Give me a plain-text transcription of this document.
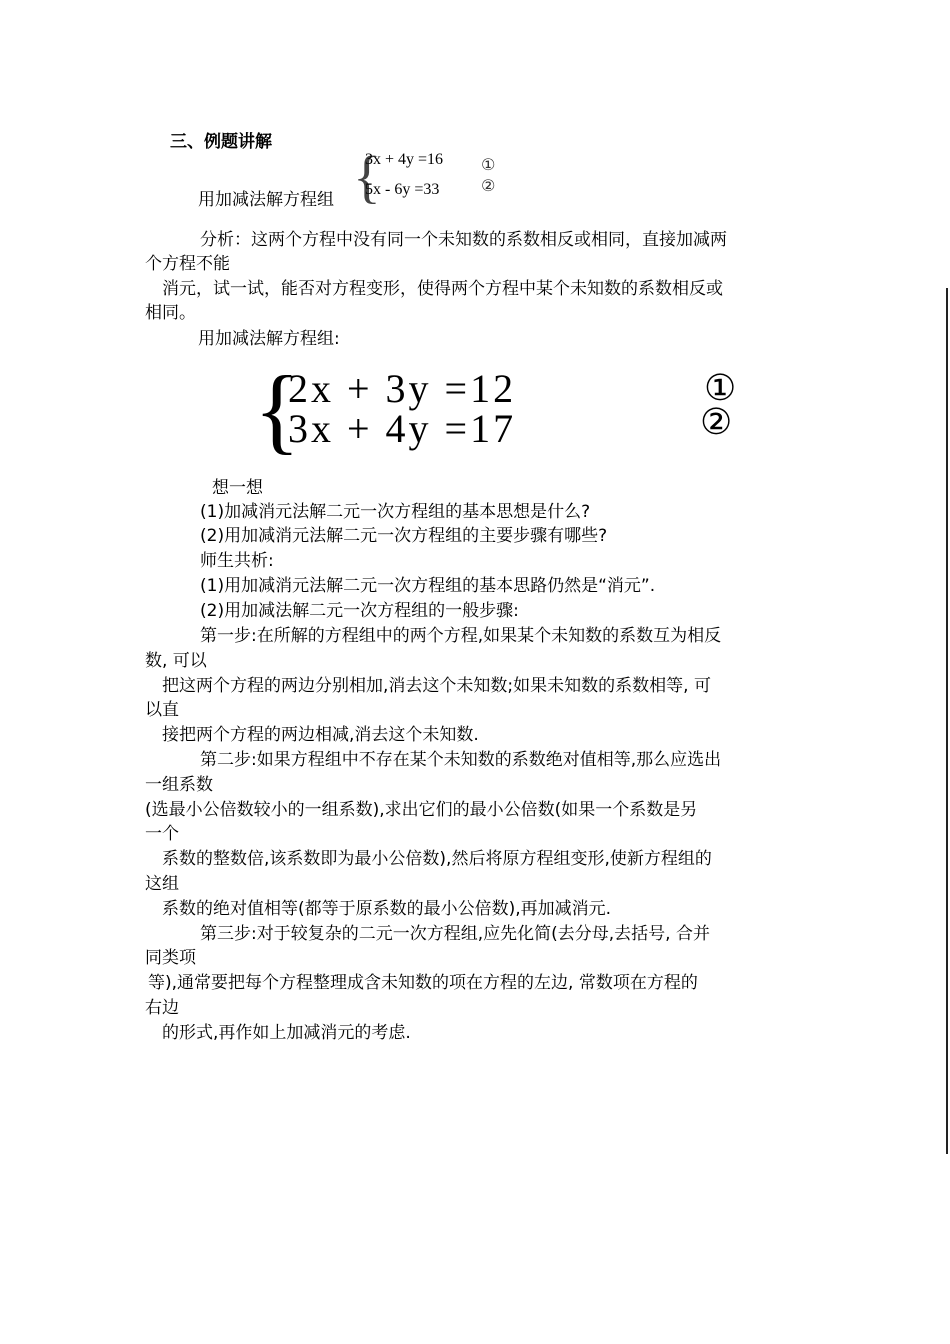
三、例题讲解
用加减法解方程组 {
3x + 4y =16
5x - 6y =33
①
②
分析：这两个方程中没有同一个未知数的系数相反或相同，直接加减两
个方程不能
消元，试一试，能否对方程变形，使得两个方程中某个未知数的系数相反或
相同。
用加减法解方程组:
{
2x + 3y =12
3x + 4y =17
①
②
想一想
(1)加减消元法解二元一次方程组的基本思想是什么?
(2)用加减消元法解二元一次方程组的主要步骤有哪些?
师生共析:
(1)用加减消元法解二元一次方程组的基本思路仍然是“消元”.
(2)用加减法解二元一次方程组的一般步骤:
第一步:在所解的方程组中的两个方程,如果某个未知数的系数互为相反
数, 可以
把这两个方程的两边分别相加,消去这个未知数;如果未知数的系数相等, 可
以直
接把两个方程的两边相减,消去这个未知数.
第二步:如果方程组中不存在某个未知数的系数绝对值相等,那么应选出
一组系数
(选最小公倍数较小的一组系数),求出它们的最小公倍数(如果一个系数是另
一个
系数的整数倍,该系数即为最小公倍数),然后将原方程组变形,使新方程组的
这组
系数的绝对值相等(都等于原系数的最小公倍数),再加减消元.
第三步:对于较复杂的二元一次方程组,应先化简(去分母,去括号, 合并
同类项
等),通常要把每个方程整理成含未知数的项在方程的左边, 常数项在方程的
右边
的形式,再作如上加减消元的考虑.
